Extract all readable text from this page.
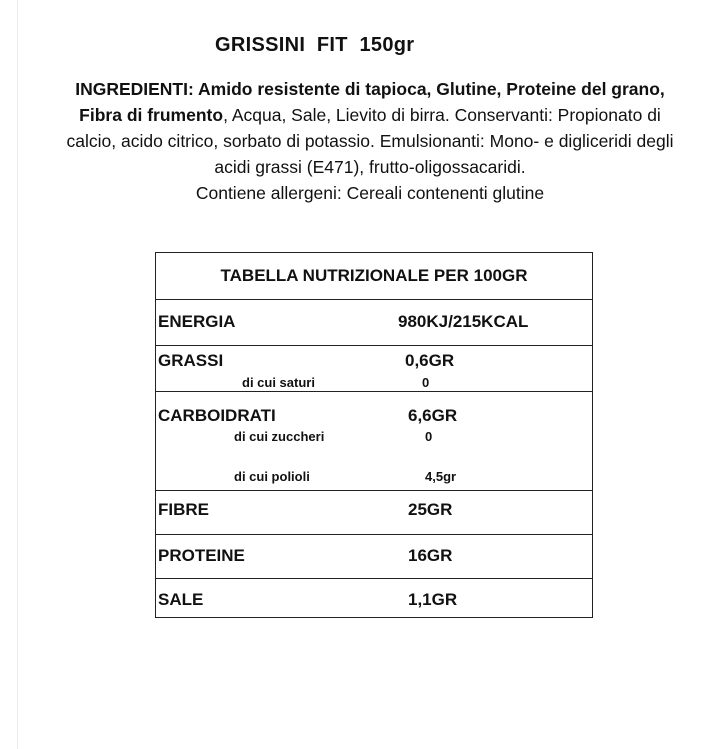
GRISSINI  FIT  150gr
INGREDIENTI: Amido resistente di tapioca, Glutine, Proteine del grano, Fibra di frumento, Acqua, Sale, Lievito di birra. Conservanti: Propionato di calcio, acido citrico, sorbato di potassio. Emulsionanti: Mono- e digliceridi degli acidi grassi (E471), frutto-oligossacaridi.
Contiene allergeni: Cereali contenenti glutine
TABELLA NUTRIZIONALE PER 100GR
ENERGIA	980KJ/215KCAL
GRASSI	0,6GR
di cui saturi	0
CARBOIDRATI	6,6GR
di cui zuccheri	0
di cui polioli	4,5gr
FIBRE	25GR
PROTEINE	16GR
SALE	1,1GR
